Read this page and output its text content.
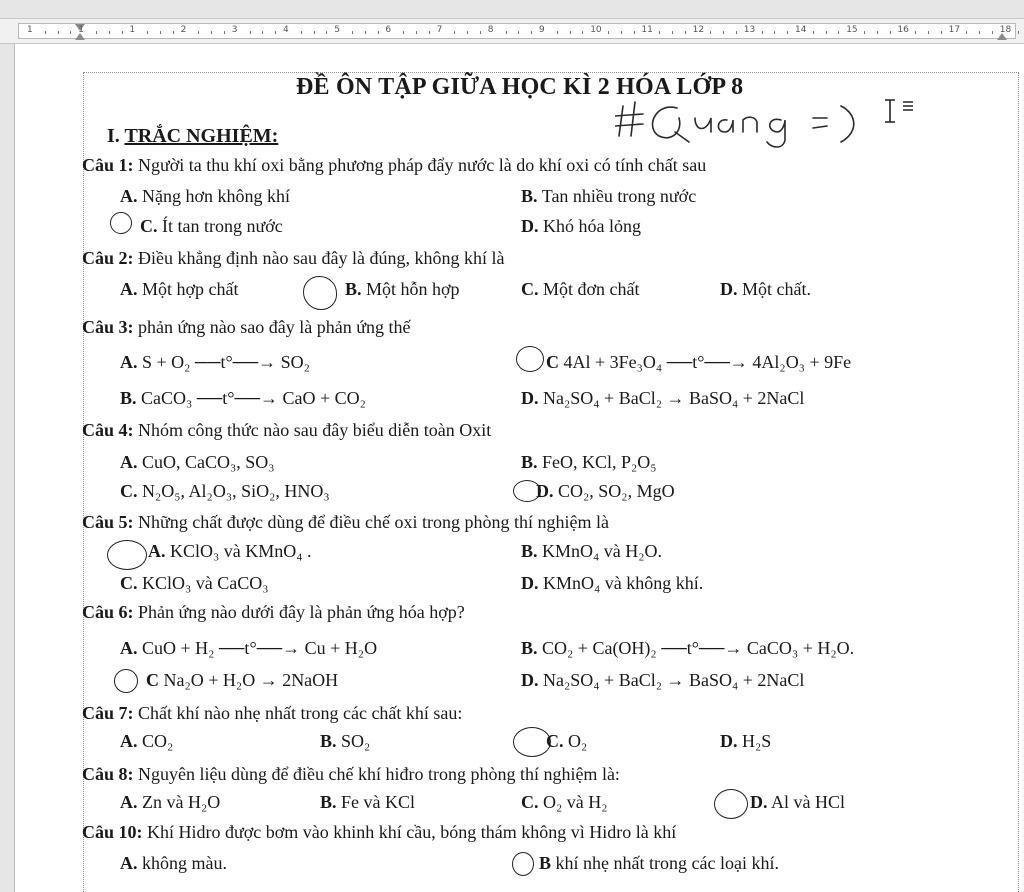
1	1	1	2	3	4	5	6	7	8	9	10	11	12	13	14	15	16	17	18
ĐỀ ÔN TẬP GIỮA HỌC KÌ 2 HÓA LỚP 8
I. TRẮC NGHIỆM:
Câu 1: Người ta thu khí oxi bằng phương pháp đẩy nước là do khí oxi có tính chất sau
A. Nặng hơn không khí	B. Tan nhiều trong nước
C. Ít tan trong nước	D. Khó hóa lỏng
Câu 2: Điều khẳng định nào sau đây là đúng, không khí là
A. Một hợp chất	B. Một hỗn hợp	C. Một đơn chất	D. Một chất.
Câu 3: phản ứng nào sao đây là phản ứng thế
A. S + O₂ ──t°──→ SO₂	C 4Al + 3Fe₃O₄ ──t°──→ 4Al₂O₃ + 9Fe
B. CaCO₃ ──t°──→ CaO + CO₂	D. Na₂SO₄ + BaCl₂ → BaSO₄ + 2NaCl
Câu 4: Nhóm công thức nào sau đây biểu diễn toàn Oxit
A. CuO, CaCO₃, SO₃	B. FeO, KCl, P₂O₅
C. N₂O₅, Al₂O₃, SiO₂, HNO₃	D. CO₂, SO₂, MgO
Câu 5: Những chất được dùng để điều chế oxi trong phòng thí nghiệm là
A. KClO₃ và KMnO₄ .	B. KMnO₄ và H₂O.
C. KClO₃ và CaCO₃	D. KMnO₄ và không khí.
Câu 6: Phản ứng nào dưới đây là phản ứng hóa hợp?
A. CuO + H₂ ──t°──→ Cu + H₂O	B. CO₂ + Ca(OH)₂ ──t°──→ CaCO₃ + H₂O.
C Na₂O + H₂O → 2NaOH	D. Na₂SO₄ + BaCl₂ → BaSO₄ + 2NaCl
Câu 7: Chất khí nào nhẹ nhất trong các chất khí sau:
A. CO₂	B. SO₂	C. O₂	D. H₂S
Câu 8: Nguyên liệu dùng để điều chế khí hiđro trong phòng thí nghiệm là:
A. Zn và H₂O	B. Fe và KCl	C. O₂ và H₂	D. Al và HCl
Câu 10: Khí Hidro được bơm vào khinh khí cầu, bóng thám không vì Hidro là khí
A. không màu.	B khí nhẹ nhất trong các loại khí.
